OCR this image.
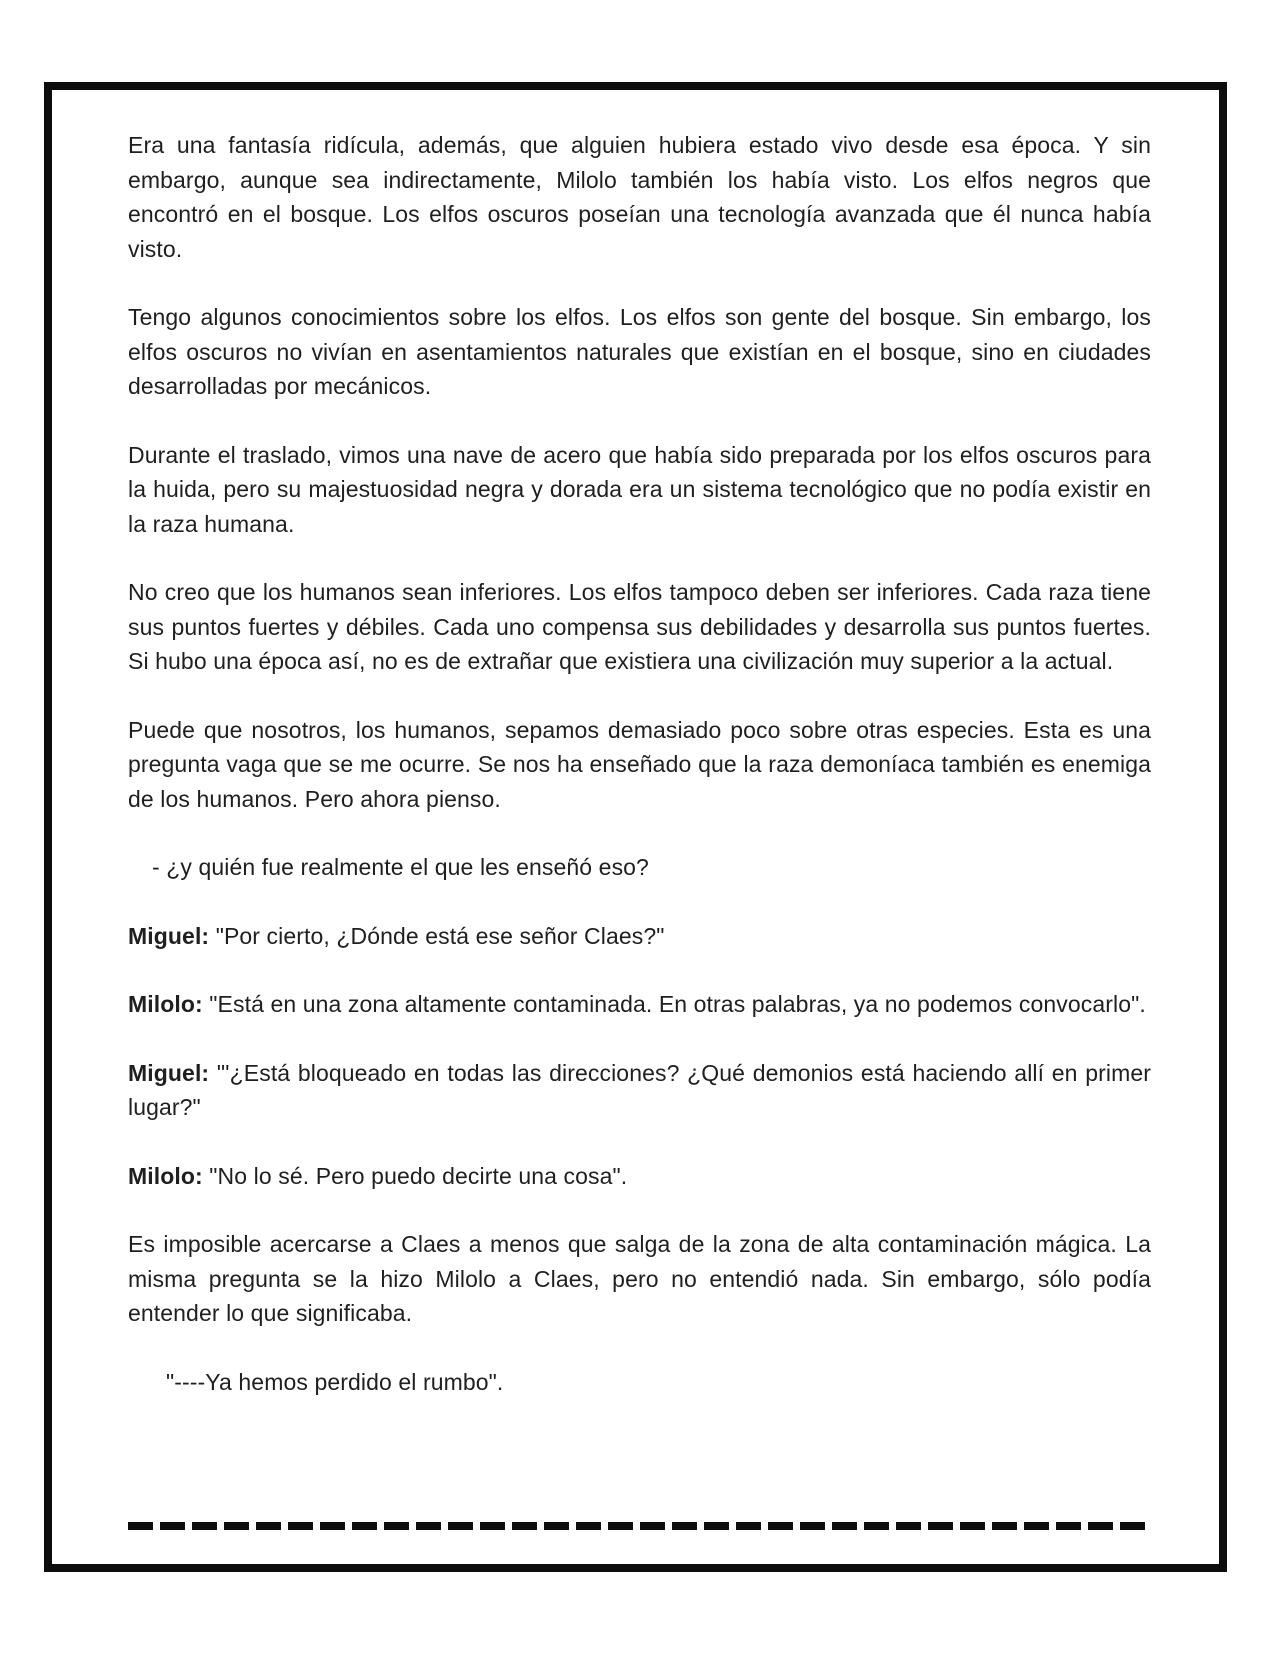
Era una fantasía ridícula, además, que alguien hubiera estado vivo desde esa época. Y sin embargo, aunque sea indirectamente, Milolo también los había visto. Los elfos negros que encontró en el bosque. Los elfos oscuros poseían una tecnología avanzada que él nunca había visto.

Tengo algunos conocimientos sobre los elfos. Los elfos son gente del bosque. Sin embargo, los elfos oscuros no vivían en asentamientos naturales que existían en el bosque, sino en ciudades desarrolladas por mecánicos.

Durante el traslado, vimos una nave de acero que había sido preparada por los elfos oscuros para la huida, pero su majestuosidad negra y dorada era un sistema tecnológico que no podía existir en la raza humana.

No creo que los humanos sean inferiores. Los elfos tampoco deben ser inferiores. Cada raza tiene sus puntos fuertes y débiles. Cada uno compensa sus debilidades y desarrolla sus puntos fuertes. Si hubo una época así, no es de extrañar que existiera una civilización muy superior a la actual.

Puede que nosotros, los humanos, sepamos demasiado poco sobre otras especies. Esta es una pregunta vaga que se me ocurre. Se nos ha enseñado que la raza demoníaca también es enemiga de los humanos. Pero ahora pienso.

- ¿y quién fue realmente el que les enseñó eso?

Miguel: "Por cierto, ¿Dónde está ese señor Claes?"

Milolo: "Está en una zona altamente contaminada. En otras palabras, ya no podemos convocarlo".

Miguel: "'¿Está bloqueado en todas las direcciones? ¿Qué demonios está haciendo allí en primer lugar?"

Milolo: "No lo sé. Pero puedo decirte una cosa".

Es imposible acercarse a Claes a menos que salga de la zona de alta contaminación mágica. La misma pregunta se la hizo Milolo a Claes, pero no entendió nada. Sin embargo, sólo podía entender lo que significaba.

"----Ya hemos perdido el rumbo".
